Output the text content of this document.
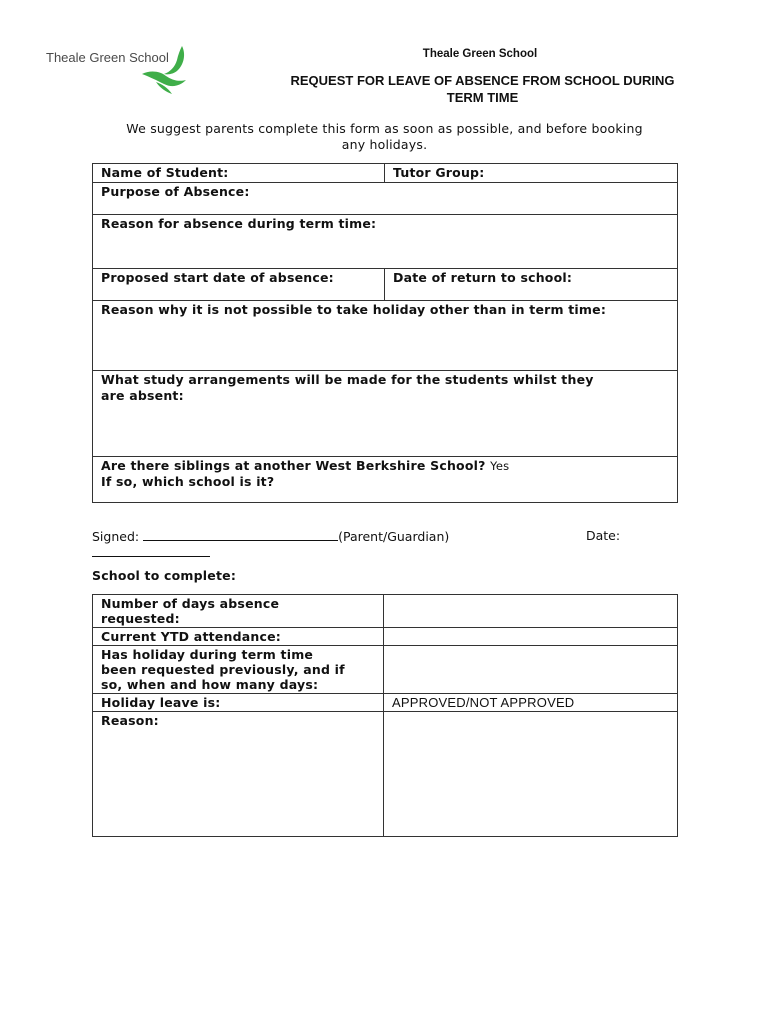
Theale Green School	Theale Green School
REQUEST FOR LEAVE OF ABSENCE FROM SCHOOL DURING
TERM TIME
We suggest parents complete this form as soon as possible, and before booking
any holidays.
Name of Student:	Tutor Group:
Purpose of Absence:	
Reason for absence during term time:	
Proposed start date of absence:	Date of return to school:
Reason why it is not possible to take holiday other than in term time:	

What study arrangements will be made for the students whilst they
are absent:	

Are there siblings at another West Berkshire School? Yes
If so, which school is it?	
Signed:	(Parent/Guardian)	Date:
School to complete:
Number of days absence
requested:	

Current YTD attendance:	

Has holiday during term time
been requested previously, and if
so, when and how many days:	

Holiday leave is:	APPROVED/NOT APPROVED
Reason:	
